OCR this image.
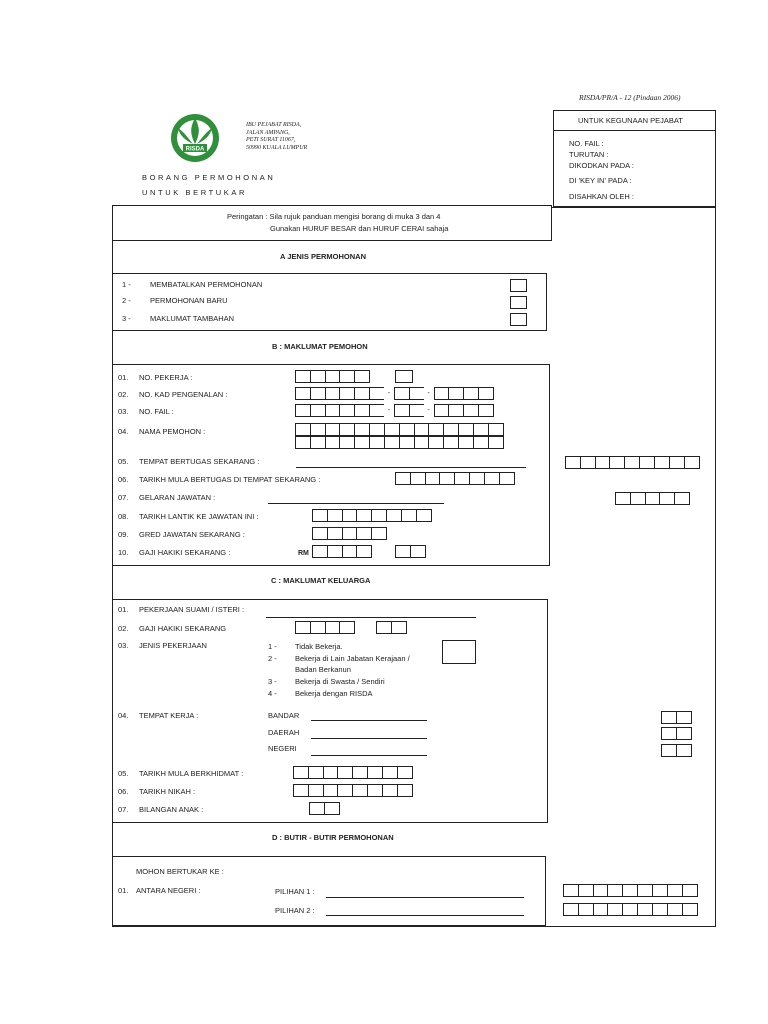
RISDA/PR/A - 12 (Pindaan 2006)
RISDA
IBU PEJABAT RISDA,
JALAN AMPANG,
PETI SURAT 11067,
50990 KUALA LUMPUR
BORANG PERMOHONAN
UNTUK BERTUKAR
UNTUK KEGUNAAN PEJABAT
NO. FAIL :
TURUTAN :
DIKODKAN PADA :
DI 'KEY IN' PADA :
DISAHKAN OLEH :
Peringatan : Sila rujuk panduan mengisi borang di muka 3 dan 4
Gunakan HURUF BESAR dan HURUF CERAI sahaja
A JENIS PERMOHONAN
1 -	MEMBATALKAN PERMOHONAN
2 -	PERMOHONAN BARU
3 -	MAKLUMAT TAMBAHAN
B : MAKLUMAT PEMOHON
01. NO. PEKERJA :
02. NO. KAD PENGENALAN :	-	-
03. NO. FAIL :	-	-
04. NAMA PEMOHON :
05. TEMPAT BERTUGAS SEKARANG :
06. TARIKH MULA BERTUGAS DI TEMPAT SEKARANG :
07. GELARAN JAWATAN :
08. TARIKH LANTIK KE JAWATAN INI :
09. GRED JAWATAN SEKARANG :
10. GAJI HAKIKI SEKARANG :	RM
C : MAKLUMAT KELUARGA
01. PEKERJAAN SUAMI / ISTERI :
02. GAJI HAKIKI SEKARANG
03. JENIS PEKERJAAN	1 - Tidak Bekerja.
2 - Bekerja di Lain Jabatan Kerajaan /
Badan Berkanun
3 - Bekerja di Swasta / Sendiri
4 - Bekerja dengan RISDA
04. TEMPAT KERJA :	BANDAR
DAERAH
NEGERI
05. TARIKH MULA BERKHIDMAT :
06. TARIKH NIKAH :
07. BILANGAN ANAK :
D : BUTIR - BUTIR PERMOHONAN
MOHON BERTUKAR KE :
01. ANTARA NEGERI :	PILIHAN 1 :
PILIHAN 2 :
